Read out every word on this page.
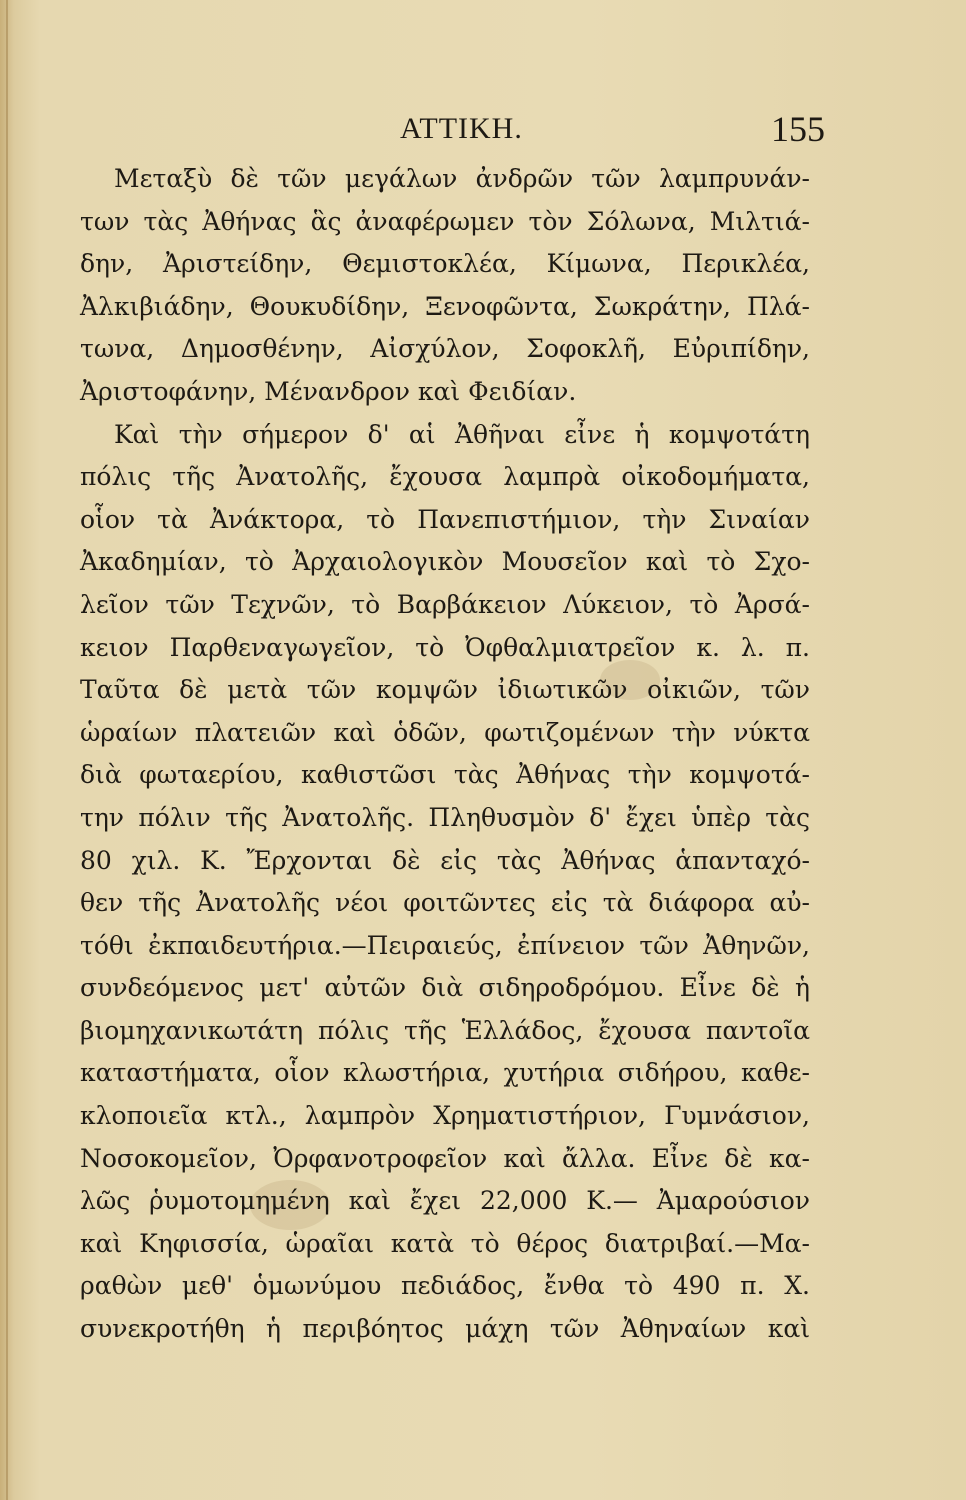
ΑΤΤΙΚΗ.	155
Μεταξὺ δὲ τῶν μεγάλων ἀνδρῶν τῶν λαμπρυνάν-
των τὰς Ἀθήνας ἃς ἀναφέρωμεν τὸν Σόλωνα, Μιλτιά-
δην, Ἀριστείδην, Θεμιστοκλέα, Κίμωνα, Περικλέα,
Ἀλκιβιάδην, Θουκυδίδην, Ξενοφῶντα, Σωκράτην, Πλά-
τωνα, Δημοσθένην, Αἰσχύλον, Σοφοκλῆ, Εὐριπίδην,
Ἀριστοφάνην, Μένανδρον καὶ Φειδίαν.
Καὶ τὴν σήμερον δ' αἱ Ἀθῆναι εἶνε ἡ κομψοτάτη
πόλις τῆς Ἀνατολῆς, ἔχουσα λαμπρὰ οἰκοδομήματα,
οἷον τὰ Ἀνάκτορα, τὸ Πανεπιστήμιον, τὴν Σιναίαν
Ἀκαδημίαν, τὸ Ἀρχαιολογικὸν Μουσεῖον καὶ τὸ Σχο-
λεῖον τῶν Τεχνῶν, τὸ Βαρβάκειον Λύκειον, τὸ Ἀρσά-
κειον Παρθεναγωγεῖον, τὸ Ὀφθαλμιατρεῖον κ. λ. π.
Ταῦτα δὲ μετὰ τῶν κομψῶν ἰδιωτικῶν οἰκιῶν, τῶν
ὡραίων πλατειῶν καὶ ὁδῶν, φωτιζομένων τὴν νύκτα
διὰ φωταερίου, καθιστῶσι τὰς Ἀθήνας τὴν κομψοτά-
την πόλιν τῆς Ἀνατολῆς. Πληθυσμὸν δ' ἔχει ὑπὲρ τὰς
80 χιλ. Κ. Ἔρχονται δὲ εἰς τὰς Ἀθήνας ἁπανταχό-
θεν τῆς Ἀνατολῆς νέοι φοιτῶντες εἰς τὰ διάφορα αὐ-
τόθι ἐκπαιδευτήρια.—Πειραιεύς, ἐπίνειον τῶν Ἀθηνῶν,
συνδεόμενος μετ' αὐτῶν διὰ σιδηροδρόμου. Εἶνε δὲ ἡ
βιομηχανικωτάτη πόλις τῆς Ἑλλάδος, ἔχουσα παντοῖα
καταστήματα, οἷον κλωστήρια, χυτήρια σιδήρου, καθε-
κλοποιεῖα κτλ., λαμπρὸν Χρηματιστήριον, Γυμνάσιον,
Νοσοκομεῖον, Ὀρφανοτροφεῖον καὶ ἄλλα. Εἶνε δὲ κα-
λῶς ῥυμοτομημένη καὶ ἔχει 22,000 Κ.— Ἀμαρούσιον
καὶ Κηφισσία, ὡραῖαι κατὰ τὸ θέρος διατριβαί.—Μα-
ραθὼν μεθ' ὁμωνύμου πεδιάδος, ἔνθα τὸ 490 π. Χ.
συνεκροτήθη ἡ περιβόητος μάχη τῶν Ἀθηναίων καὶ
